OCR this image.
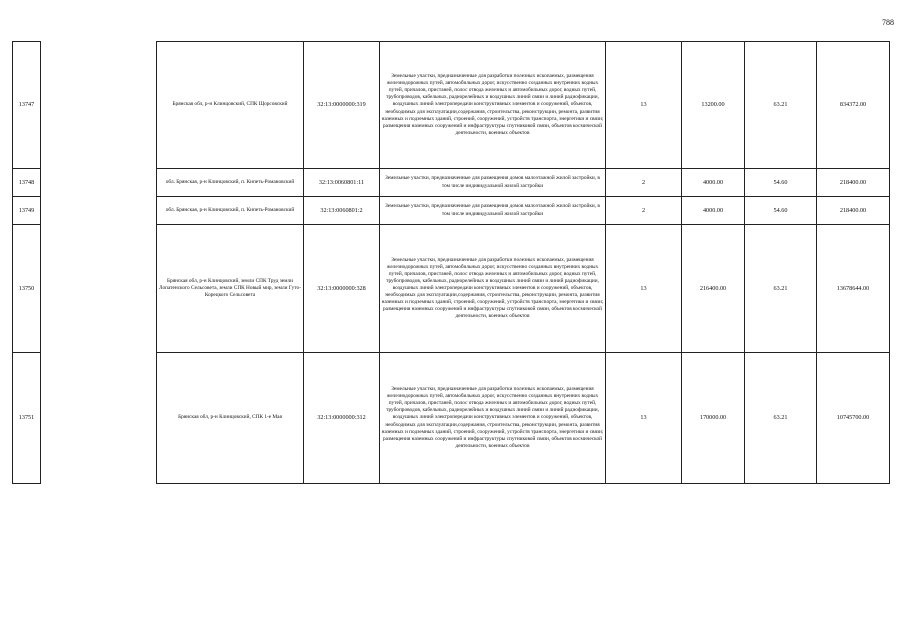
788
13747		Брянская обл, р-н Клинцовский, СПК Щорсовский	32:13:0000000:319	Земельные участки, предназначенные для разработки полезных ископаемых, размещения железнодорожных путей, автомобильных дорог, искусственно созданных внутренних водных путей, причалов, пристаней, полос отвода железных и автомобильных дорог, водных путей, трубопроводов, кабельных, радиорелейных и воздушных линий связи и линий радиофикации, воздушных линий электропередачи конструктивных элементов и сооружений, объектов, необходимых для эксплуатации,содержания, строительства, реконструкции, ремонта, развития наземных и подземных зданий, строений, сооружений, устройств транспорта, энергетики и связи; размещения наземных сооружений и инфраструктуры спутниковой связи, объектов космической деятельности, военных объектов	13	13200.00	63.21	834372.00
13748		обл. Брянская, р-н Клинцовский, п. Кипеть-Романовский	32:13:0060801:11	Земельные участки, предназначенные для размещения домов малоэтажной жилой застройки, в том числе индивидуальной жилой застройки	2	4000.00	54.60	218400.00
13749		обл. Брянская, р-н Клинцовский, п. Кипеть-Романовский	32:13:0060801:2	Земельные участки, предназначенные для размещения домов малоэтажной жилой застройки, в том числе индивидуальной жилой застройки	2	4000.00	54.60	218400.00
13750		Брянская обл, р-н Клинцовский, земли СПК Труд земли Лопатенского Сельсовета, земли СПК Новый мир, земли Гуто-Корецкого Сельсовета	32:13:0000000:328	Земельные участки, предназначенные для разработки полезных ископаемых, размещения железнодорожных путей, автомобильных дорог, искусственно созданных внутренних водных путей, причалов, пристаней, полос отвода железных и автомобильных дорог, водных путей, трубопроводов, кабельных, радиорелейных и воздушных линий связи и линий радиофикации, воздушных линий электропередачи конструктивных элементов и сооружений, объектов, необходимых для эксплуатации,содержания, строительства, реконструкции, ремонта, развития наземных и подземных зданий, строений, сооружений, устройств транспорта, энергетики и связи; размещения наземных сооружений и инфраструктуры спутниковой связи, объектов космической деятельности, военных объектов	13	216400.00	63.21	13678644.00
13751		Брянская обл, р-н Клинцовский, СПК 1-е Мая	32:13:0000000:312	Земельные участки, предназначенные для разработки полезных ископаемых, размещения железнодорожных путей, автомобильных дорог, искусственно созданных внутренних водных путей, причалов, пристаней, полос отвода железных и автомобильных дорог, водных путей, трубопроводов, кабельных, радиорелейных и воздушных линий связи и линий радиофикации, воздушных линий электропередачи конструктивных элементов и сооружений, объектов, необходимых для эксплуатации,содержания, строительства, реконструкции, ремонта, развития наземных и подземных зданий, строений, сооружений, устройств транспорта, энергетики и связи; размещения наземных сооружений и инфраструктуры спутниковой связи, объектов космической деятельности, военных объектов	13	170000.00	63.21	10745700.00
